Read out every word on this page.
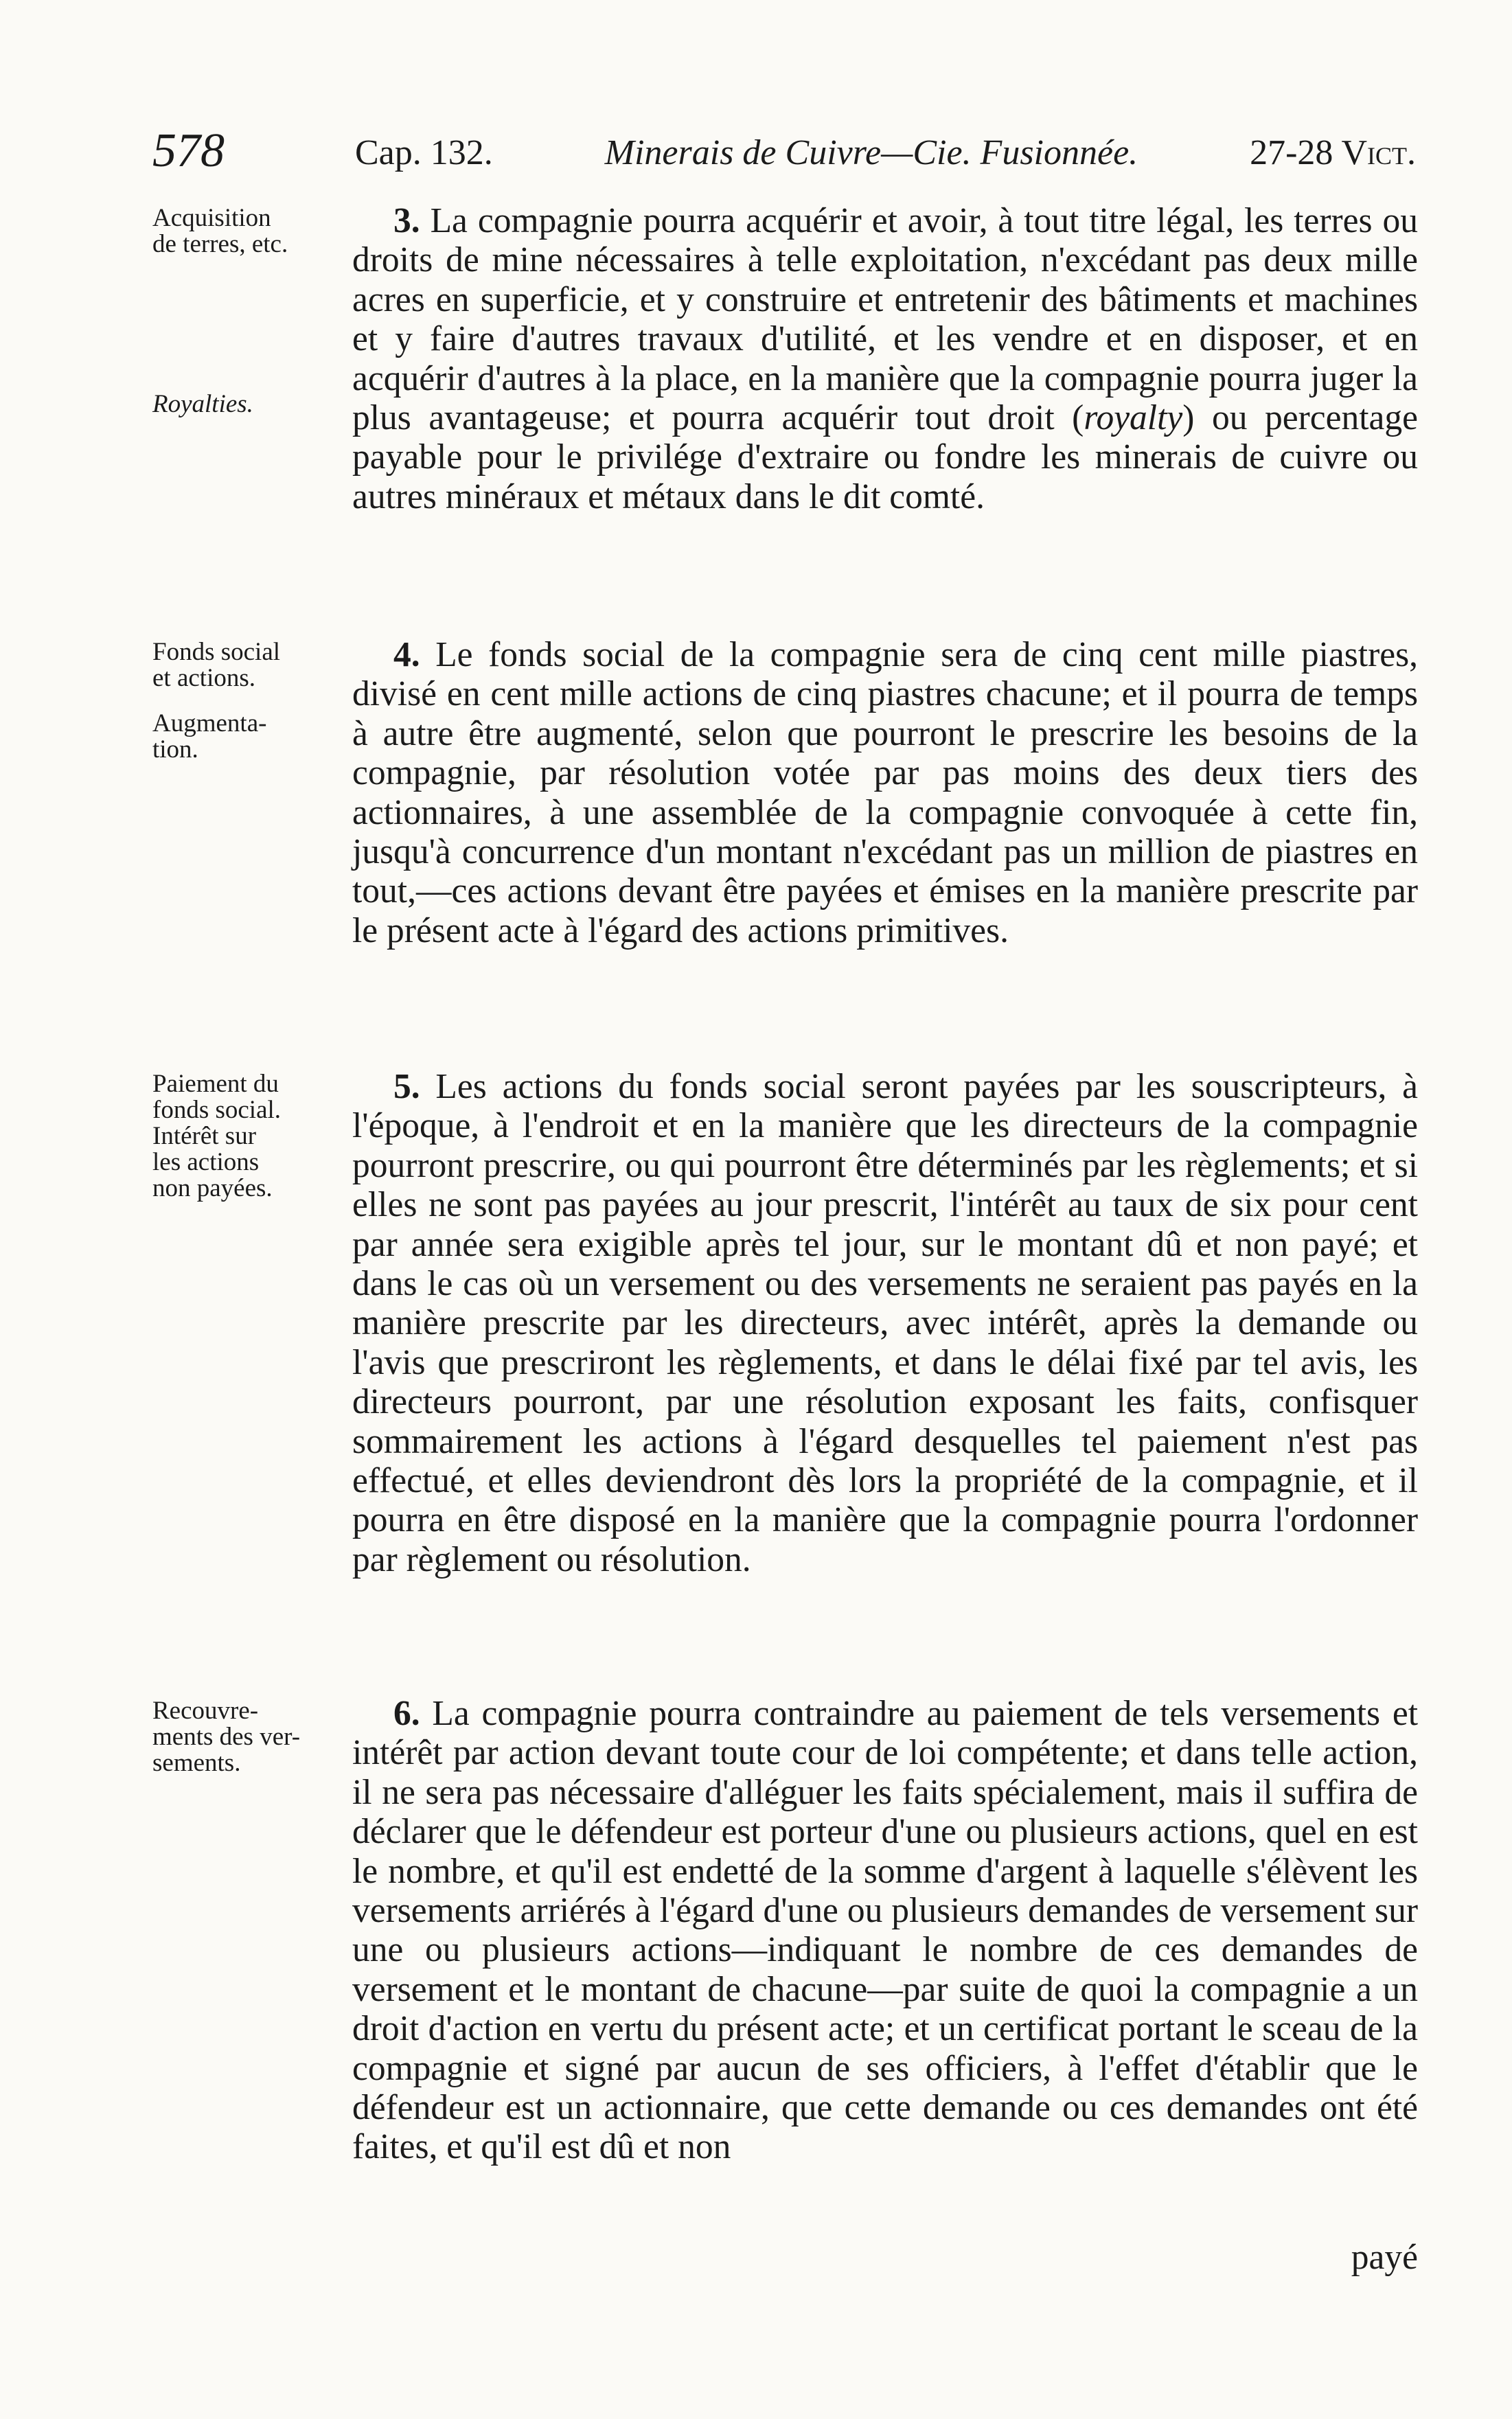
578	Cap. 132.	Minerais de Cuivre—Cie. Fusionnée.	27-28 Vict.
Acquisition
de terres, etc.
Royalties.

3. La compagnie pourra acquérir et avoir, à tout titre légal, les terres ou droits de mine nécessaires à telle exploitation, n'excédant pas deux mille acres en superficie, et y construire et entretenir des bâtiments et machines et y faire d'autres travaux d'utilité, et les vendre et en disposer, et en acquérir d'autres à la place, en la manière que la compagnie pourra juger la plus avantageuse; et pourra acquérir tout droit (royalty) ou percentage payable pour le privilége d'extraire ou fondre les minerais de cuivre ou autres minéraux et métaux dans le dit comté.

Fonds social
et actions.
Augmenta-
tion.

4. Le fonds social de la compagnie sera de cinq cent mille piastres, divisé en cent mille actions de cinq piastres chacune; et il pourra de temps à autre être augmenté, selon que pourront le prescrire les besoins de la compagnie, par résolution votée par pas moins des deux tiers des actionnaires, à une assemblée de la compagnie convoquée à cette fin, jusqu'à concurrence d'un montant n'excédant pas un million de piastres en tout,—ces actions devant être payées et émises en la manière prescrite par le présent acte à l'égard des actions primitives.

Paiement du
fonds social.
Intérêt sur
les actions
non payées.

5. Les actions du fonds social seront payées par les souscripteurs, à l'époque, à l'endroit et en la manière que les directeurs de la compagnie pourront prescrire, ou qui pourront être déterminés par les règlements; et si elles ne sont pas payées au jour prescrit, l'intérêt au taux de six pour cent par année sera exigible après tel jour, sur le montant dû et non payé; et dans le cas où un versement ou des versements ne seraient pas payés en la manière prescrite par les directeurs, avec intérêt, après la demande ou l'avis que prescriront les règlements, et dans le délai fixé par tel avis, les directeurs pourront, par une résolution exposant les faits, confisquer sommairement les actions à l'égard desquelles tel paiement n'est pas effectué, et elles deviendront dès lors la propriété de la compagnie, et il pourra en être disposé en la manière que la compagnie pourra l'ordonner par règlement ou résolution.

Recouvre-
ments des ver-
sements.

6. La compagnie pourra contraindre au paiement de tels versements et intérêt par action devant toute cour de loi compétente; et dans telle action, il ne sera pas nécessaire d'alléguer les faits spécialement, mais il suffira de déclarer que le défendeur est porteur d'une ou plusieurs actions, quel en est le nombre, et qu'il est endetté de la somme d'argent à laquelle s'élèvent les versements arriérés à l'égard d'une ou plusieurs demandes de versement sur une ou plusieurs actions—indiquant le nombre de ces demandes de versement et le montant de chacune—par suite de quoi la compagnie a un droit d'action en vertu du présent acte; et un certificat portant le sceau de la compagnie et signé par aucun de ses officiers, à l'effet d'établir que le défendeur est un actionnaire, que cette demande ou ces demandes ont été faites, et qu'il est dû et non

payé
